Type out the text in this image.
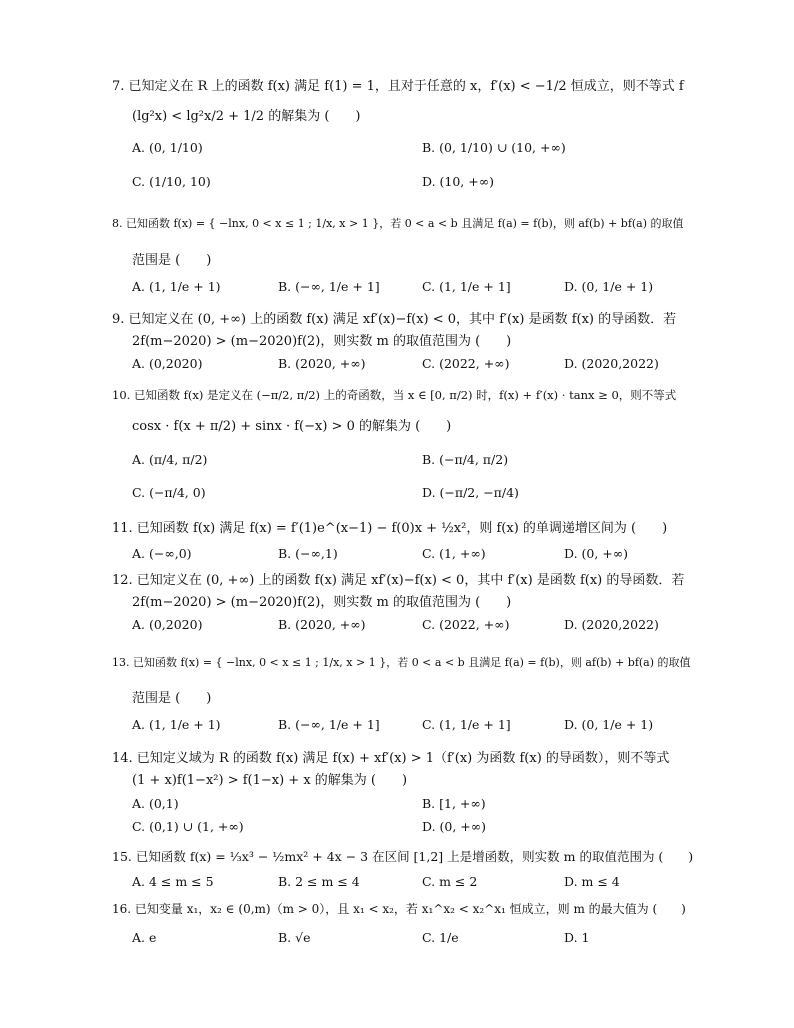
7. 已知定义在 R 上的函数 f(x) 满足 f(1) = 1，且对于任意的 x，f′(x) < −1/2 恒成立，则不等式 f
(lg²x) < lg²x/2 + 1/2 的解集为 (　　)
A. (0, 1/10)	B. (0, 1/10) ∪ (10, +∞)
C. (1/10, 10)	D. (10, +∞)
8. 已知函数 f(x) = { −lnx, 0 < x ≤ 1 ; 1/x, x > 1 }，若 0 < a < b 且满足 f(a) = f(b)，则 af(b) + bf(a) 的取值
范围是 (　　)
A. (1, 1/e + 1)	B. (−∞, 1/e + 1]	C. (1, 1/e + 1]	D. (0, 1/e + 1)
9. 已知定义在 (0, +∞) 上的函数 f(x) 满足 xf′(x)−f(x) < 0，其中 f′(x) 是函数 f(x) 的导函数．若
2f(m−2020) > (m−2020)f(2)，则实数 m 的取值范围为 (　　)
A. (0,2020)	B. (2020, +∞)	C. (2022, +∞)	D. (2020,2022)
10. 已知函数 f(x) 是定义在 (−π/2, π/2) 上的奇函数，当 x ∈ [0, π/2) 时，f(x) + f′(x) · tanx ≥ 0，则不等式
cosx · f(x + π/2) + sinx · f(−x) > 0 的解集为 (　　)
A. (π/4, π/2)	B. (−π/4, π/2)
C. (−π/4, 0)	D. (−π/2, −π/4)
11. 已知函数 f(x) 满足 f(x) = f′(1)e^(x−1) − f(0)x + ½x²，则 f(x) 的单调递增区间为 (　　)
A. (−∞,0)	B. (−∞,1)	C. (1, +∞)	D. (0, +∞)
12. 已知定义在 (0, +∞) 上的函数 f(x) 满足 xf′(x)−f(x) < 0，其中 f′(x) 是函数 f(x) 的导函数．若
2f(m−2020) > (m−2020)f(2)，则实数 m 的取值范围为 (　　)
A. (0,2020)	B. (2020, +∞)	C. (2022, +∞)	D. (2020,2022)
13. 已知函数 f(x) = { −lnx, 0 < x ≤ 1 ; 1/x, x > 1 }，若 0 < a < b 且满足 f(a) = f(b)，则 af(b) + bf(a) 的取值
范围是 (　　)
A. (1, 1/e + 1)	B. (−∞, 1/e + 1]	C. (1, 1/e + 1]	D. (0, 1/e + 1)
14. 已知定义域为 R 的函数 f(x) 满足 f(x) + xf′(x) > 1（f′(x) 为函数 f(x) 的导函数），则不等式
(1 + x)f(1−x²) > f(1−x) + x 的解集为 (　　)
A. (0,1)	B. [1, +∞)
C. (0,1) ∪ (1, +∞)	D. (0, +∞)
15. 已知函数 f(x) = ⅓x³ − ½mx² + 4x − 3 在区间 [1,2] 上是增函数，则实数 m 的取值范围为 (　　)
A. 4 ≤ m ≤ 5	B. 2 ≤ m ≤ 4	C. m ≤ 2	D. m ≤ 4
16. 已知变量 x₁，x₂ ∈ (0,m)（m > 0），且 x₁ < x₂，若 x₁^x₂ < x₂^x₁ 恒成立，则 m 的最大值为 (　　)
A. e	B. √e	C. 1/e	D. 1
